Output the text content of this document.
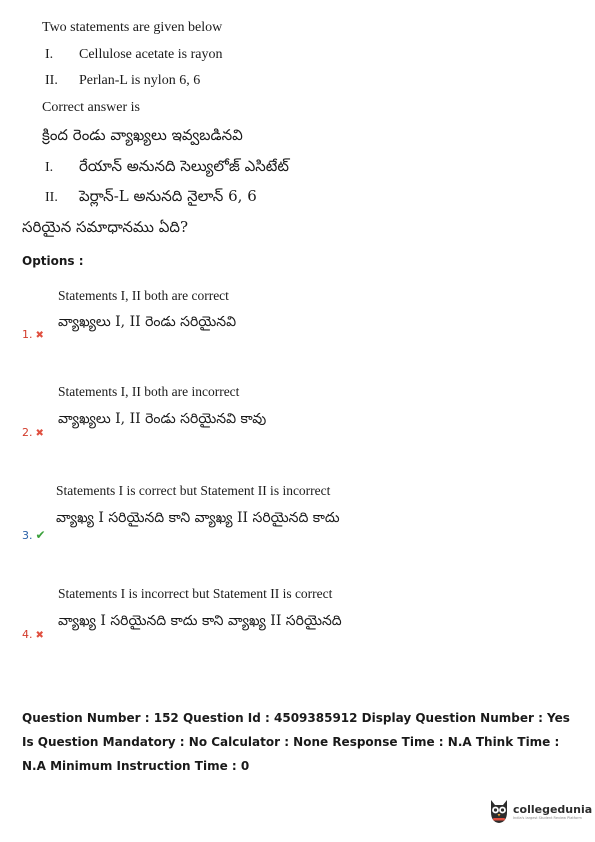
Two statements are given below
I. Cellulose acetate is rayon
II. Perlan-L is nylon 6, 6
Correct answer is
క్రింద రెండు వ్యాఖ్యలు ఇవ్వబడినవి
I. రేయాన్ అనునది సెల్యులోజ్ ఎసిటేట్
II. పెర్లాన్-L అనునది నైలాన్ 6, 6
సరియైన సమాధానము ఏది?
Options :
Statements I, II both are correct
వ్యాఖ్యలు I, II రెండు సరియైనవి
1. ✖
Statements I, II both are incorrect
వ్యాఖ్యలు I, II రెండు సరియైనవి కావు
2. ✖
Statements I is correct but Statement II is incorrect
వ్యాఖ్య I సరియైనది కాని వ్యాఖ్య II సరియైనది కాదు
3. ✔
Statements I is incorrect but Statement II is correct
వ్యాఖ్య I సరియైనది కాదు కాని వ్యాఖ్య II సరియైనది
4. ✖
Question Number : 152 Question Id : 4509385912 Display Question Number : Yes Is Question Mandatory : No Calculator : None Response Time : N.A Think Time : N.A Minimum Instruction Time : 0
collegedunia
India's largest Student Review Platform
